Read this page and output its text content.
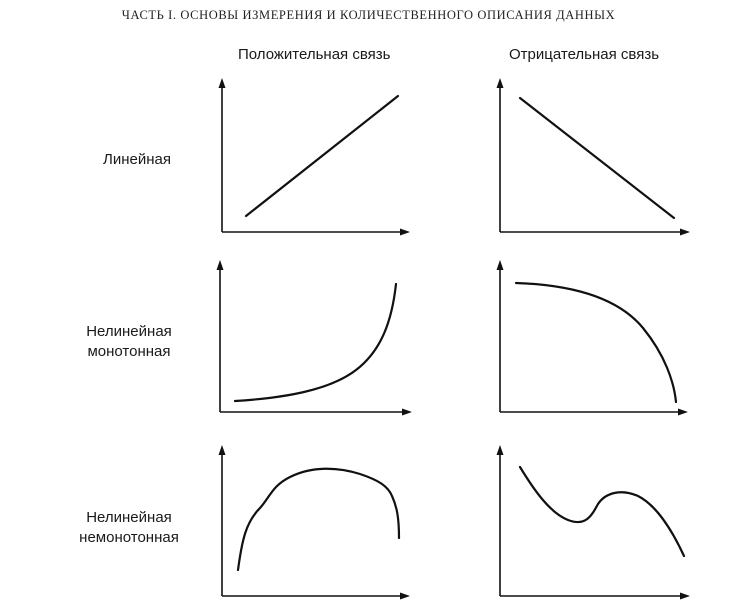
ЧАСТЬ I. ОСНОВЫ ИЗМЕРЕНИЯ И КОЛИЧЕСТВЕННОГО ОПИСАНИЯ ДАННЫХ
Положительная связь	Отрицательная связь
Линейная
Нелинейная
монотонная
Нелинейная
немонотонная
